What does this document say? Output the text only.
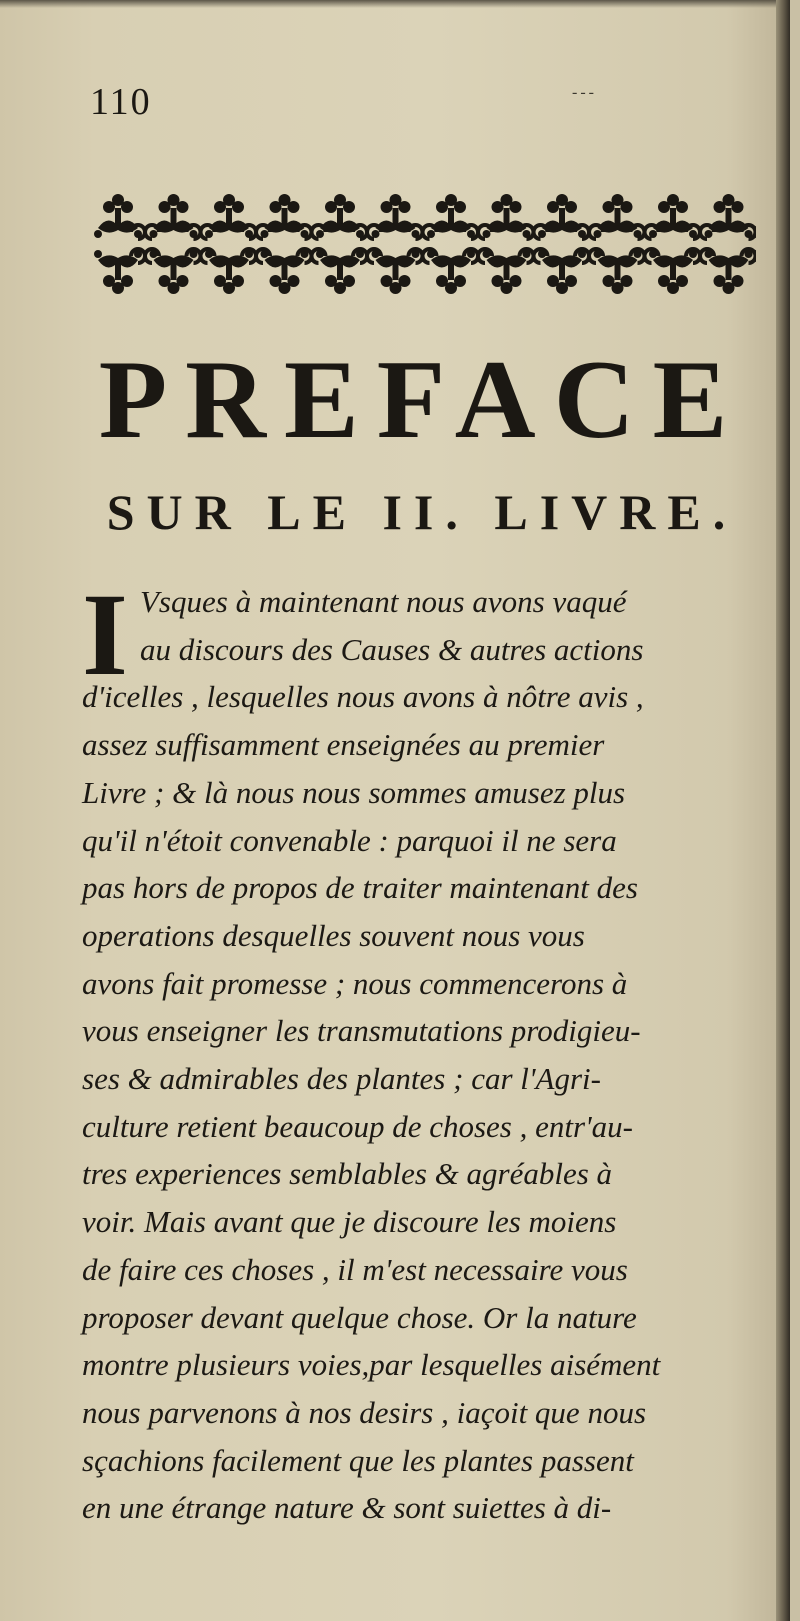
110	---
PREFACE
SUR LE II. LIVRE.
I Vsques à maintenant nous avons vaqué
au discours des Causes & autres actions
d'icelles , lesquelles nous avons à nôtre avis ,
assez suffisamment enseignées au premier
Livre ; & là nous nous sommes amusez plus
qu'il n'étoit convenable : parquoi il ne sera
pas hors de propos de traiter maintenant des
operations desquelles souvent nous vous
avons fait promesse ; nous commencerons à
vous enseigner les transmutations prodigieu-
ses & admirables des plantes ; car l'Agri-
culture retient beaucoup de choses , entr'au-
tres experiences semblables & agréables à
voir. Mais avant que je discoure les moiens
de faire ces choses , il m'est necessaire vous
proposer devant quelque chose. Or la nature
montre plusieurs voies,par lesquelles aisément
nous parvenons à nos desirs , iaçoit que nous
sçachions facilement que les plantes passent
en une étrange nature & sont suiettes à di-
